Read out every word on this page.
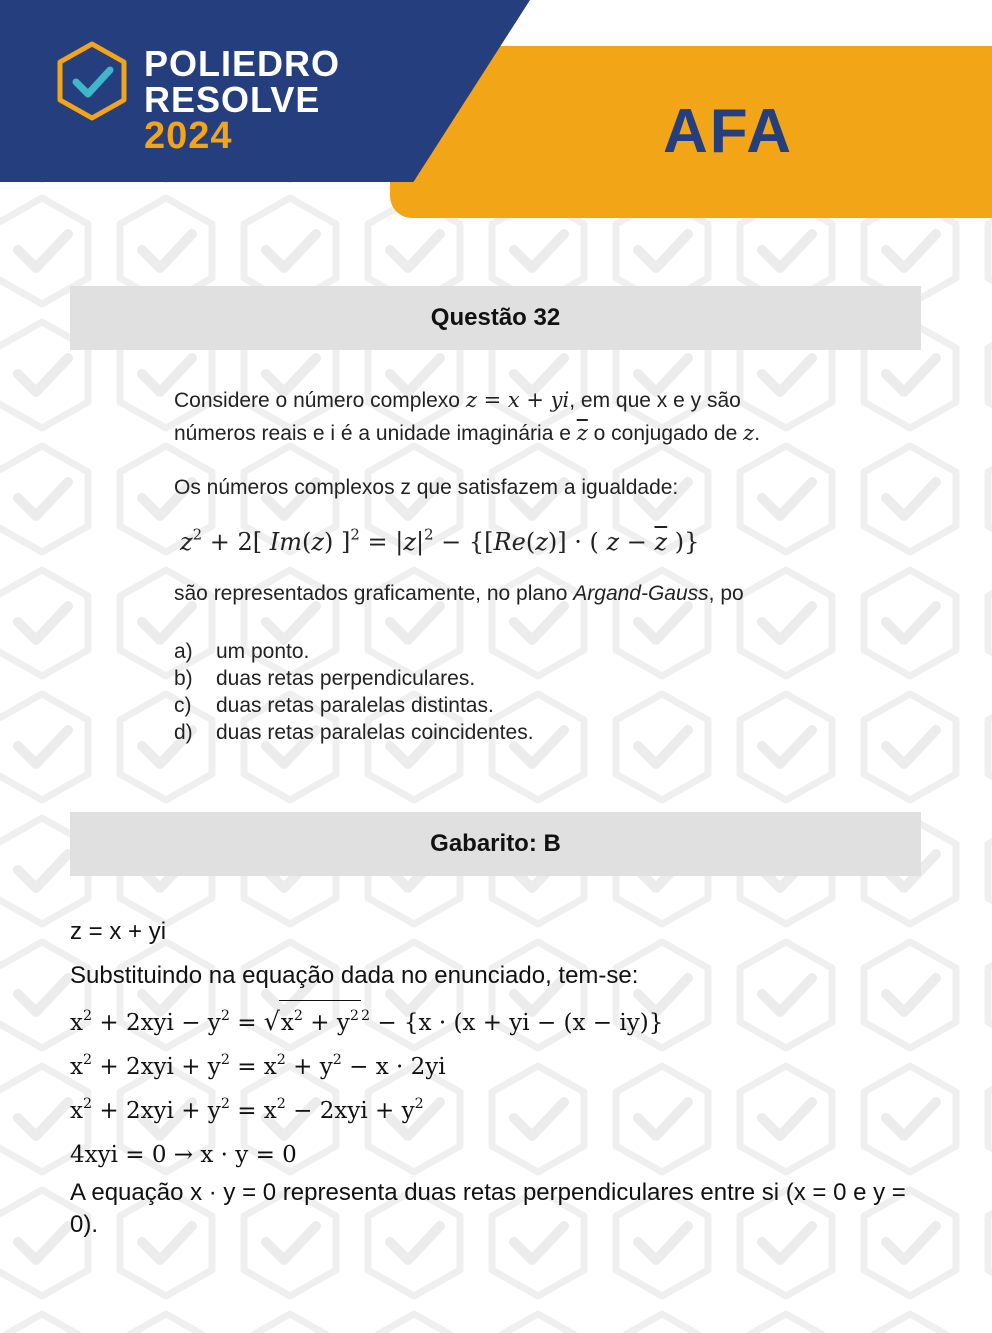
POLIEDRO
RESOLVE
2024	AFA
Questão 32

Considere o número complexo z = x + yi, em que x e y são

números reais e i é a unidade imaginária e $\overline{z}$ o conjugado de z.

Os números complexos z que satisfazem a igualdade:

$z^2 + 2$[ Im(z) ]$^2 = |z|^2 - \{[Re(z)]$ · ( $z - \overline{z}$ )}

são representados graficamente, no plano Argand-Gauss, po

a) um ponto.
b) duas retas perpendiculares.
c) duas retas paralelas distintas.
d) duas retas paralelas coincidentes.
Gabarito: B

z = x + yi

Substituindo na equação dada no enunciado, tem-se:

$x^2 + 2xyi - y^2 = √x^2 + y^2$ $^2$ − {x · (x + yi − (x − iy)}

$x^2 + 2xyi + y^2 = x^2 + y^2 - x \cdot 2yi$

$x^2 + 2xyi + y^2 = x^2 - 2xyi + y^2$

4xyi = 0 → x · y = 0

A equação x · y = 0 representa duas retas perpendiculares entre si (x = 0 e y = 0).
